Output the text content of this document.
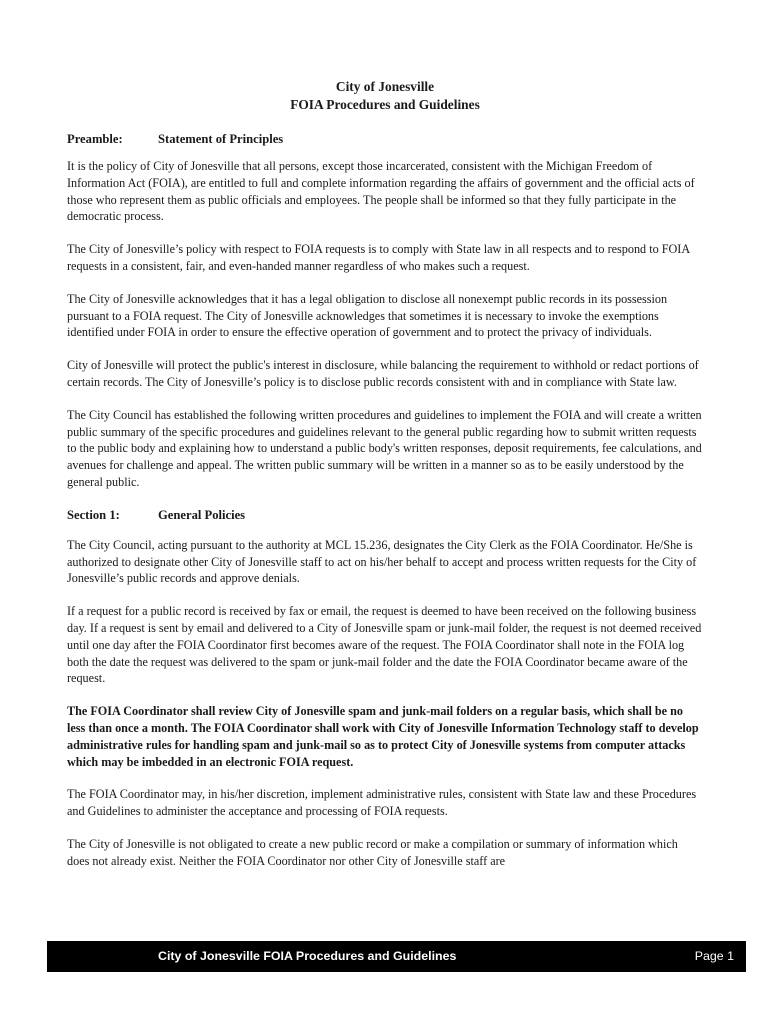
City of Jonesville
FOIA Procedures and Guidelines
Preamble:	Statement of Principles

It is the policy of City of Jonesville that all persons, except those incarcerated, consistent with the Michigan Freedom of Information Act (FOIA), are entitled to full and complete information regarding the affairs of government and the official acts of those who represent them as public officials and employees. The people shall be informed so that they fully participate in the democratic process.

The City of Jonesville’s policy with respect to FOIA requests is to comply with State law in all respects and to respond to FOIA requests in a consistent, fair, and even-handed manner regardless of who makes such a request.

The City of Jonesville acknowledges that it has a legal obligation to disclose all nonexempt public records in its possession pursuant to a FOIA request. The City of Jonesville acknowledges that sometimes it is necessary to invoke the exemptions identified under FOIA in order to ensure the effective operation of government and to protect the privacy of individuals.

City of Jonesville will protect the public's interest in disclosure, while balancing the requirement to withhold or redact portions of certain records. The City of Jonesville’s policy is to disclose public records consistent with and in compliance with State law.

The City Council has established the following written procedures and guidelines to implement the FOIA and will create a written public summary of the specific procedures and guidelines relevant to the general public regarding how to submit written requests to the public body and explaining how to understand a public body's written responses, deposit requirements, fee calculations, and avenues for challenge and appeal. The written public summary will be written in a manner so as to be easily understood by the general public.

Section 1:	General Policies

The City Council, acting pursuant to the authority at MCL 15.236, designates the City Clerk as the FOIA Coordinator. He/She is authorized to designate other City of Jonesville staff to act on his/her behalf to accept and process written requests for the City of Jonesville’s public records and approve denials.

If a request for a public record is received by fax or email, the request is deemed to have been received on the following business day. If a request is sent by email and delivered to a City of Jonesville spam or junk-mail folder, the request is not deemed received until one day after the FOIA Coordinator first becomes aware of the request. The FOIA Coordinator shall note in the FOIA log both the date the request was delivered to the spam or junk-mail folder and the date the FOIA Coordinator became aware of the request.

The FOIA Coordinator shall review City of Jonesville spam and junk-mail folders on a regular basis, which shall be no less than once a month. The FOIA Coordinator shall work with City of Jonesville Information Technology staff to develop administrative rules for handling spam and junk-mail so as to protect City of Jonesville systems from computer attacks which may be imbedded in an electronic FOIA request.

The FOIA Coordinator may, in his/her discretion, implement administrative rules, consistent with State law and these Procedures and Guidelines to administer the acceptance and processing of FOIA requests.

The City of Jonesville is not obligated to create a new public record or make a compilation or summary of information which does not already exist. Neither the FOIA Coordinator nor other City of Jonesville staff are

City of Jonesville FOIA Procedures and Guidelines	Page 1
